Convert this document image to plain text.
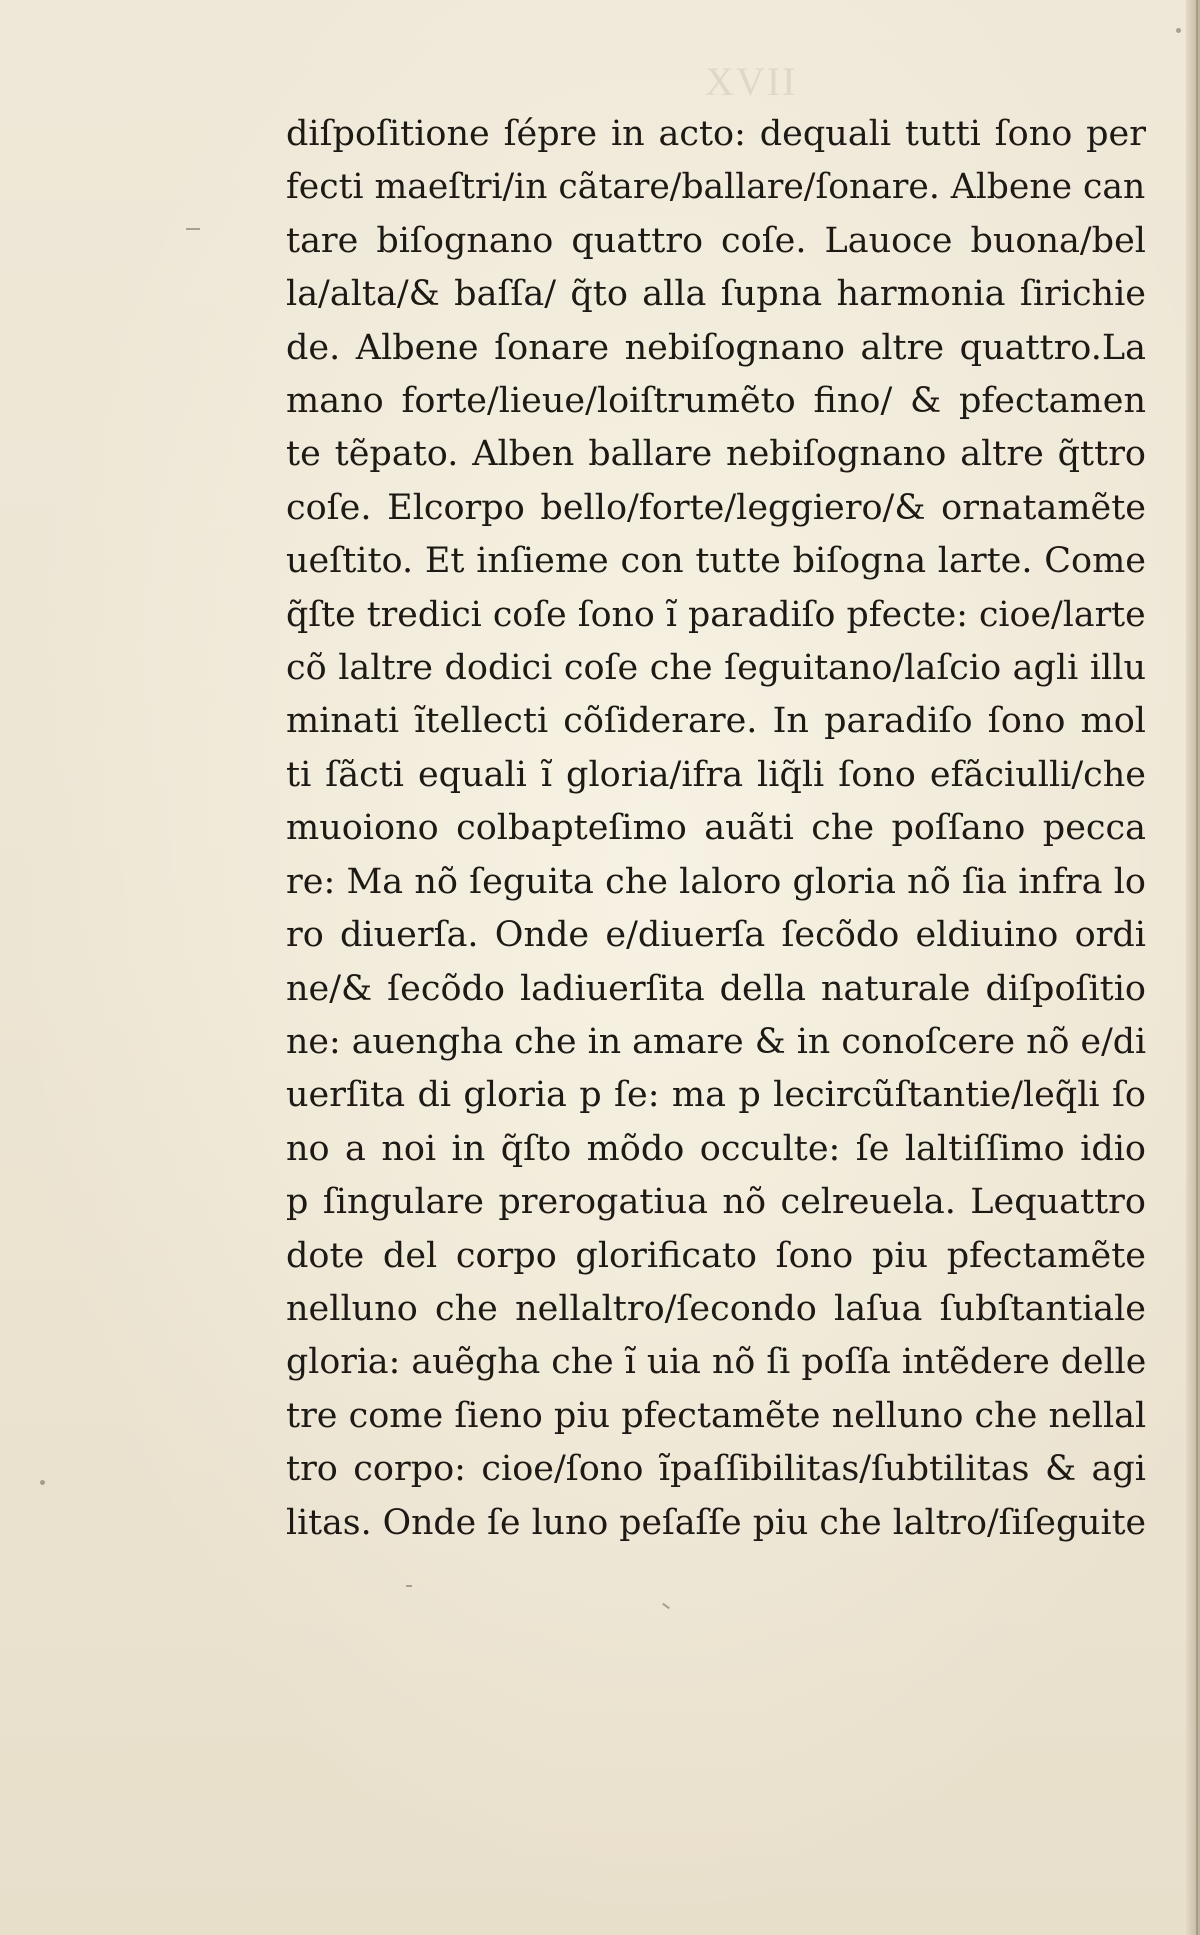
XVII
diſpoſitione ſépre in acto: dequali tutti ſono per
fecti maeſtri/in cãtare/ballare/ſonare. Albene can
tare biſognano quattro coſe. Lauoce buona/bel
la/alta/& baſſa/ q̃to alla ſupna harmonia ſirichie
de. Albene ſonare nebiſognano altre quattro.La
mano forte/lieue/loiſtrumẽto fino/ & pfectamen
te tẽpato. Alben ballare nebiſognano altre q̃ttro
coſe. Elcorpo bello/forte/leggiero/& ornatamẽte
ueſtito. Et inſieme con tutte biſogna larte. Come
q̃ſte tredici coſe ſono ĩ paradiſo pfecte: cioe/larte
cõ laltre dodici coſe che ſeguitano/laſcio agli illu
minati ĩtellecti cõſiderare. In paradiſo ſono mol
ti ſãcti equali ĩ gloria/ifra liq̃li ſono efãciulli/che
muoiono colbapteſimo auãti che poſſano pecca
re: Ma nõ ſeguita che laloro gloria nõ ſia infra lo
ro diuerſa. Onde e/diuerſa ſecõdo eldiuino ordi
ne/& ſecõdo ladiuerſita della naturale diſpoſitio
ne: auengha che in amare & in conoſcere nõ e/di
uerſita di gloria p ſe: ma p lecircũſtantie/leq̃li ſo
no a noi in q̃ſto mõdo occulte: ſe laltiſſimo idio
p ſingulare prerogatiua nõ celreuela. Lequattro
dote del corpo glorificato ſono piu pfectamẽte
nelluno che nellaltro/ſecondo laſua ſubſtantiale
gloria: auẽgha che ĩ uia nõ ſi poſſa intẽdere delle
tre come ſieno piu pfectamẽte nelluno che nellal
tro corpo: cioe/ſono ĩpaſſibilitas/ſubtilitas & agi
litas. Onde ſe luno peſaſſe piu che laltro/ſiſeguite
